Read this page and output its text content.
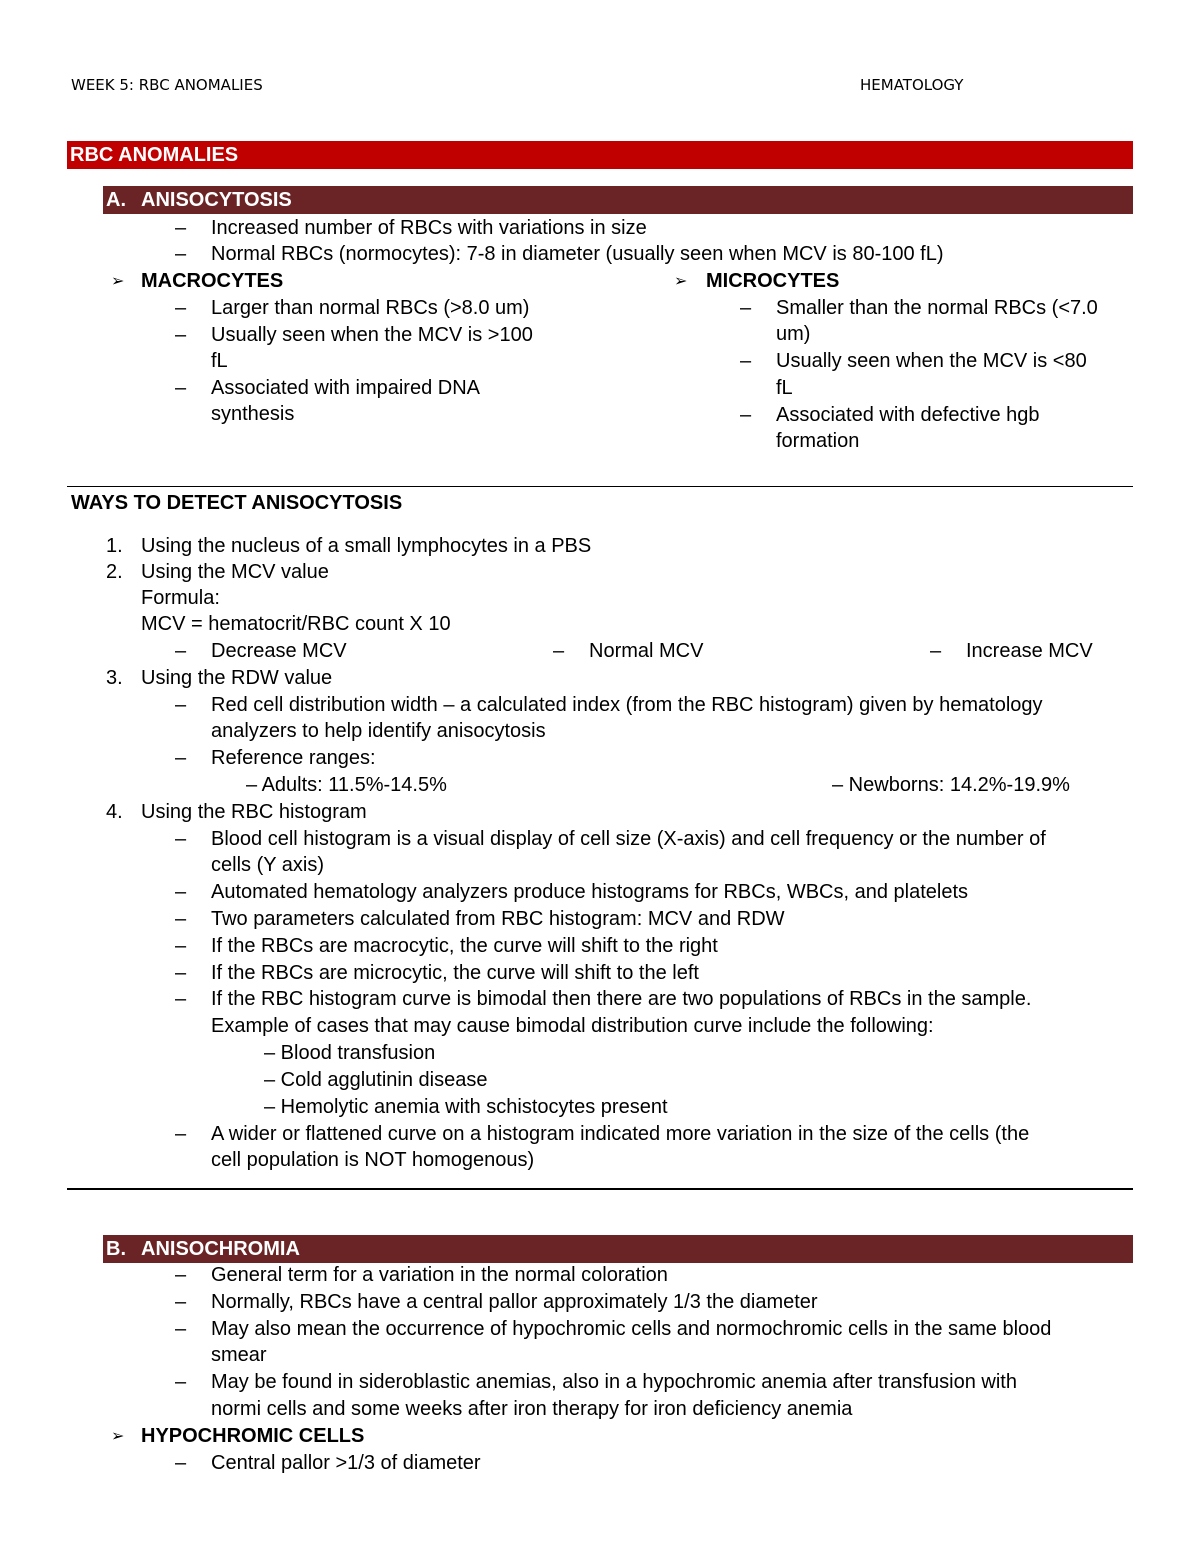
WEEK 5: RBC ANOMALIES	HEMATOLOGY
RBC ANOMALIES
A. ANISOCYTOSIS
– Increased number of RBCs with variations in size
– Normal RBCs (normocytes): 7-8 in diameter (usually seen when MCV is 80-100 fL)
➢ MACROCYTES
– Larger than normal RBCs (>8.0 um)
– Usually seen when the MCV is >100
fL
– Associated with impaired DNA
synthesis
➢ MICROCYTES
– Smaller than the normal RBCs (<7.0
um)
– Usually seen when the MCV is <80
fL
– Associated with defective hgb
formation
WAYS TO DETECT ANISOCYTOSIS
1. Using the nucleus of a small lymphocytes in a PBS
2. Using the MCV value
Formula:
MCV = hematocrit/RBC count X 10
– Decrease MCV	– Normal MCV	– Increase MCV
3. Using the RDW value
– Red cell distribution width – a calculated index (from the RBC histogram) given by hematology
analyzers to help identify anisocytosis
– Reference ranges:
– Adults: 11.5%-14.5%	– Newborns: 14.2%-19.9%
4. Using the RBC histogram
– Blood cell histogram is a visual display of cell size (X-axis) and cell frequency or the number of
cells (Y axis)
– Automated hematology analyzers produce histograms for RBCs, WBCs, and platelets
– Two parameters calculated from RBC histogram: MCV and RDW
– If the RBCs are macrocytic, the curve will shift to the right
– If the RBCs are microcytic, the curve will shift to the left
– If the RBC histogram curve is bimodal then there are two populations of RBCs in the sample.
Example of cases that may cause bimodal distribution curve include the following:
– Blood transfusion
– Cold agglutinin disease
– Hemolytic anemia with schistocytes present
– A wider or flattened curve on a histogram indicated more variation in the size of the cells (the
cell population is NOT homogenous)
B. ANISOCHROMIA
– General term for a variation in the normal coloration
– Normally, RBCs have a central pallor approximately 1/3 the diameter
– May also mean the occurrence of hypochromic cells and normochromic cells in the same blood
smear
– May be found in sideroblastic anemias, also in a hypochromic anemia after transfusion with
normi cells and some weeks after iron therapy for iron deficiency anemia
➢ HYPOCHROMIC CELLS
– Central pallor >1/3 of diameter
